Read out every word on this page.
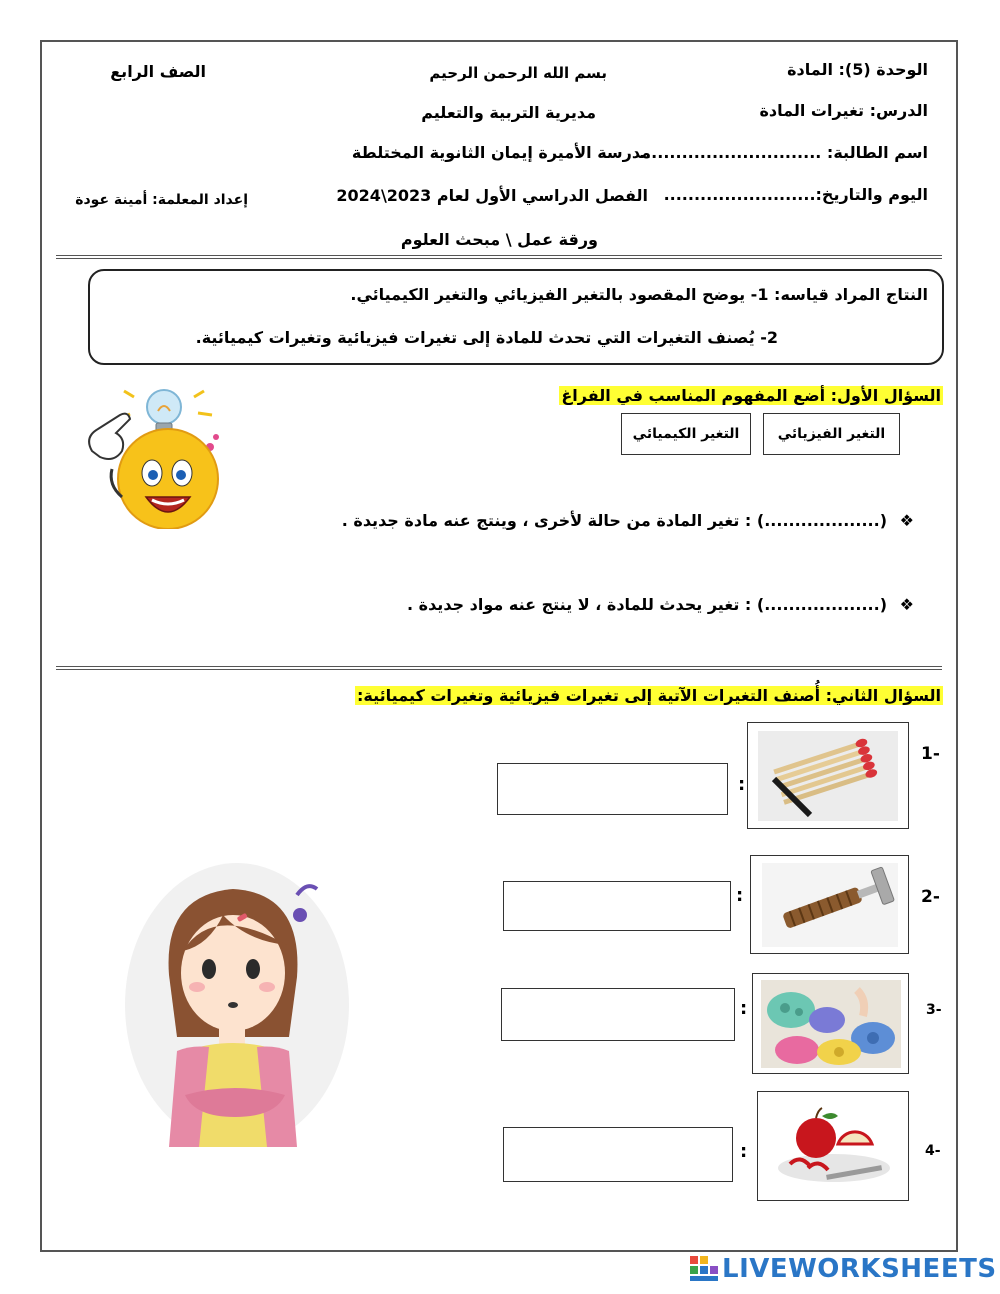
الوحدة (5): المادة
الدرس: تغيرات المادة
اسم الطالبة: ..............................
اليوم والتاريخ:.........................
بسم الله الرحمن الرحيم
مديرية التربية والتعليم
مدرسة الأميرة إيمان الثانوية المختلطة
الفصل الدراسي الأول لعام 2023\2024
ورقة عمل \ مبحث العلوم
الصف الرابع
إعداد المعلمة: أمينة عودة
النتاج المراد قياسه: 1- يوضح المقصود بالتغير الفيزيائي والتغير الكيميائي.
2- يُصنف التغيرات التي تحدث للمادة إلى تغيرات فيزيائية وتغيرات كيميائية.
السؤال الأول: أضع المفهوم المناسب في الفراغ
التغير الفيزيائي
التغير الكيميائي
❖
(...................) : تغير المادة من حالة لأخرى ، وينتج عنه مادة جديدة .
❖
(...................) : تغير يحدث للمادة ، لا ينتج عنه مواد جديدة .
السؤال الثاني: أُصنف التغيرات الآتية إلى تغيرات فيزيائية وتغيرات كيميائية:
1-
:
2-
:
3-
:
4-
:
LIVEWORKSHEETS
